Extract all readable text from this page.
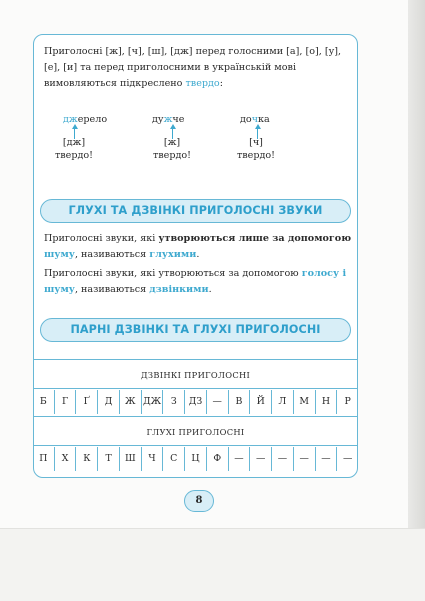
Приголосні [ж], [ч], [ш], [дж] перед голосними [а], [о], [у], [е], [и] та перед приголосними в українській мові вимовляються підкреслено твердо:

джерело
[дж]
твердо!
дужче
[ж]
твердо!
дочка
[ч]
твердо!
ГЛУХІ ТА ДЗВІНКІ ПРИГОЛОСНІ ЗВУКИ

Приголосні звуки, які утворюються лише за допомогою шуму, називаються глухими.

Приголосні звуки, які утворюються за допомогою голосу і шуму, називаються дзвінкими.

ПАРНІ ДЗВІНКІ ТА ГЛУХІ ПРИГОЛОСНІ
ДЗВІНКІ ПРИГОЛОСНІ
Б	Г	Ґ	Д	Ж ДЖ	З	ДЗ	—	В	Й	Л	М	Н	Р
ГЛУХІ ПРИГОЛОСНІ
П	Х	К	Т	Ш	Ч	С	Ц	Ф	—	—	—	—	—	—
8
